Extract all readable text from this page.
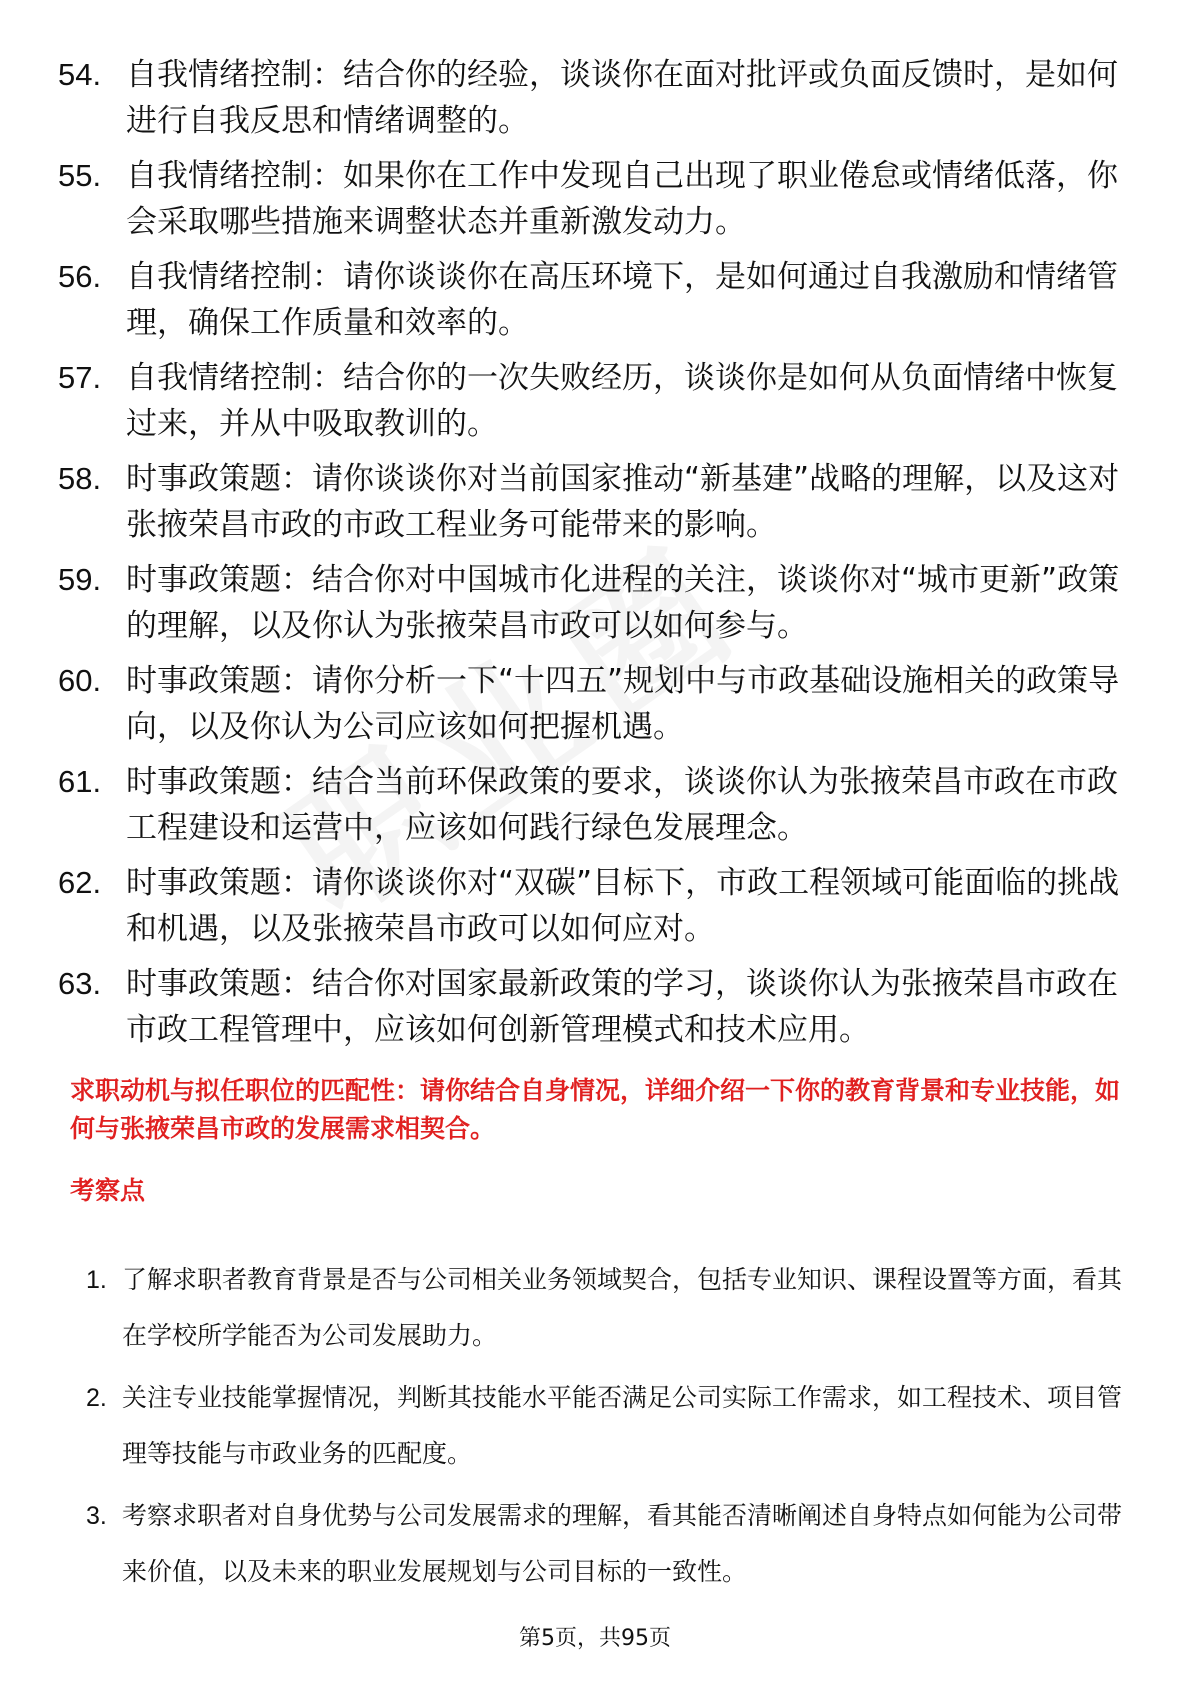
54. 自我情绪控制：结合你的经验，谈谈你在面对批评或负面反馈时，是如何进行自我反思和情绪调整的。
55. 自我情绪控制：如果你在工作中发现自己出现了职业倦怠或情绪低落，你会采取哪些措施来调整状态并重新激发动力。
56. 自我情绪控制：请你谈谈你在高压环境下，是如何通过自我激励和情绪管理，确保工作质量和效率的。
57. 自我情绪控制：结合你的一次失败经历，谈谈你是如何从负面情绪中恢复过来，并从中吸取教训的。
58. 时事政策题：请你谈谈你对当前国家推动“新基建”战略的理解，以及这对张掖荣昌市政的市政工程业务可能带来的影响。
59. 时事政策题：结合你对中国城市化进程的关注，谈谈你对“城市更新”政策的理解，以及你认为张掖荣昌市政可以如何参与。
60. 时事政策题：请你分析一下“十四五”规划中与市政基础设施相关的政策导向，以及你认为公司应该如何把握机遇。
61. 时事政策题：结合当前环保政策的要求，谈谈你认为张掖荣昌市政在市政工程建设和运营中，应该如何践行绿色发展理念。
62. 时事政策题：请你谈谈你对“双碳”目标下，市政工程领域可能面临的挑战和机遇，以及张掖荣昌市政可以如何应对。
63. 时事政策题：结合你对国家最新政策的学习，谈谈你认为张掖荣昌市政在市政工程管理中，应该如何创新管理模式和技术应用。

求职动机与拟任职位的匹配性：请你结合自身情况，详细介绍一下你的教育背景和专业技能，如何与张掖荣昌市政的发展需求相契合。

考察点

1. 了解求职者教育背景是否与公司相关业务领域契合，包括专业知识、课程设置等方面，看其在学校所学能否为公司发展助力。
2. 关注专业技能掌握情况，判断其技能水平能否满足公司实际工作需求，如工程技术、项目管理等技能与市政业务的匹配度。
3. 考察求职者对自身优势与公司发展需求的理解，看其能否清晰阐述自身特点如何能为公司带来价值，以及未来的职业发展规划与公司目标的一致性。
第5页，共95页
